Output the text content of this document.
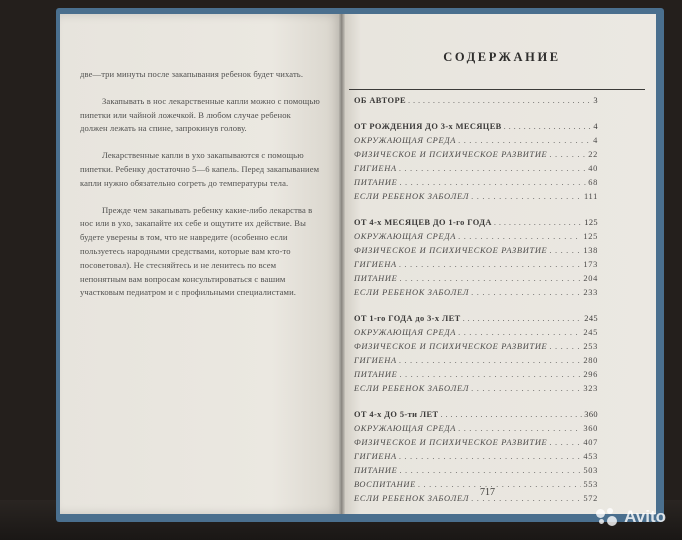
две—три минуты после закапывания ребенок будет чихать.

Закапывать в нос лекарственные капли можно с помощью пипетки или чайной ложечкой. В любом случае ребенок должен лежать на спине, запрокинув голову.

Лекарственные капли в ухо закапываются с помощью пипетки. Ребенку достаточно 5—6 капель. Перед закапыванием капли нужно обязательно согреть до температуры тела.

Прежде чем закапывать ребенку какие-либо лекарства в нос или в ухо, закапайте их себе и ощутите их действие. Вы будете уверены в том, что не навредите (особенно если пользуетесь народными средствами, которые вам кто-то посоветовал). Не стесняйтесь и не ленитесь по всем непонятным вам вопросам консультироваться с вашим участковым педиатром и с профильными специалистами.

СОДЕРЖАНИЕ
ОБ АВТОРЕ . . .	3
ОТ РОЖДЕНИЯ ДО 3-х МЕСЯЦЕВ . . .	4
ОКРУЖАЮЩАЯ СРЕДА . . .	4
ФИЗИЧЕСКОЕ И ПСИХИЧЕСКОЕ РАЗВИТИЕ . . .	22
ГИГИЕНА . . .	40
ПИТАНИЕ . . .	68
ЕСЛИ РЕБЕНОК ЗАБОЛЕЛ . . .	111
ОТ 4-х МЕСЯЦЕВ ДО 1-го ГОДА . . .	125
ОКРУЖАЮЩАЯ СРЕДА . . .	125
ФИЗИЧЕСКОЕ И ПСИХИЧЕСКОЕ РАЗВИТИЕ . . .	138
ГИГИЕНА . . .	173
ПИТАНИЕ . . .	204
ЕСЛИ РЕБЕНОК ЗАБОЛЕЛ . . .	233
ОТ 1-го ГОДА до 3-х ЛЕТ . . .	245
ОКРУЖАЮЩАЯ СРЕДА . . .	245
ФИЗИЧЕСКОЕ И ПСИХИЧЕСКОЕ РАЗВИТИЕ . . .	253
ГИГИЕНА . . .	280
ПИТАНИЕ . . .	296
ЕСЛИ РЕБЕНОК ЗАБОЛЕЛ . . .	323
ОТ 4-х ДО 5-ти ЛЕТ . . .	360
ОКРУЖАЮЩАЯ СРЕДА . . .	360
ФИЗИЧЕСКОЕ И ПСИХИЧЕСКОЕ РАЗВИТИЕ . . .	407
ГИГИЕНА . . .	453
ПИТАНИЕ . . .	503
ВОСПИТАНИЕ . . .	553
ЕСЛИ РЕБЕНОК ЗАБОЛЕЛ . . .	572
717
Avito
